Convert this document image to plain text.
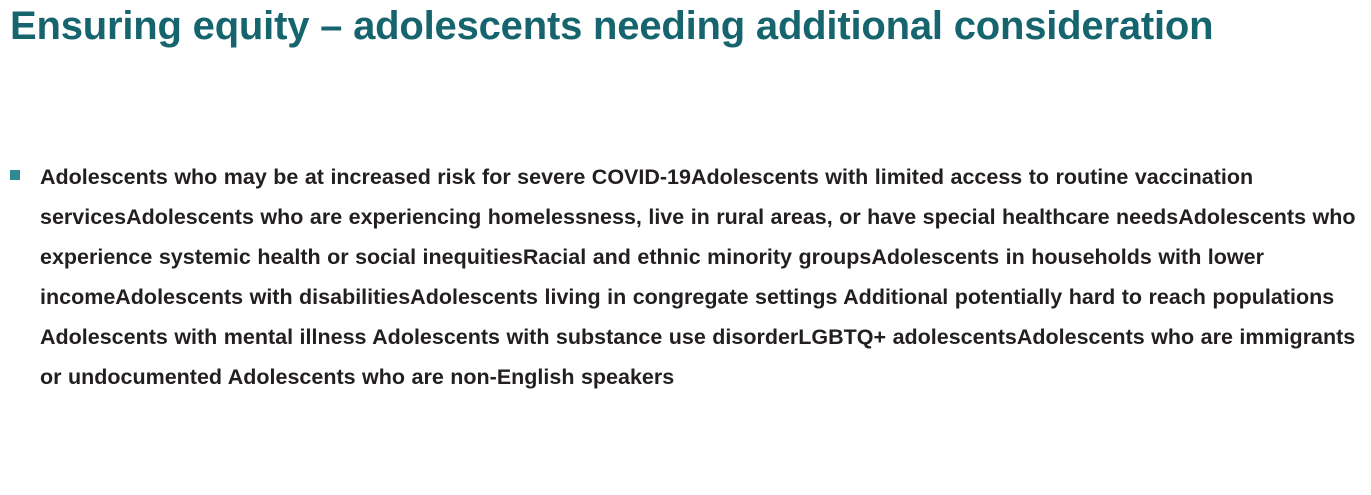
Ensuring equity – adolescents needing additional consideration
Adolescents who may be at increased risk for severe COVID-19Adolescents with limited access to routine vaccination servicesAdolescents who are experiencing homelessness, live in rural areas, or have special healthcare needsAdolescents who experience systemic health or social inequitiesRacial and ethnic minority groupsAdolescents in households with lower incomeAdolescents with disabilitiesAdolescents living in congregate settings Additional potentially hard to reach populations  Adolescents with mental illness Adolescents with substance use disorderLGBTQ+ adolescentsAdolescents who are immigrants or undocumented Adolescents who are non-English speakers
